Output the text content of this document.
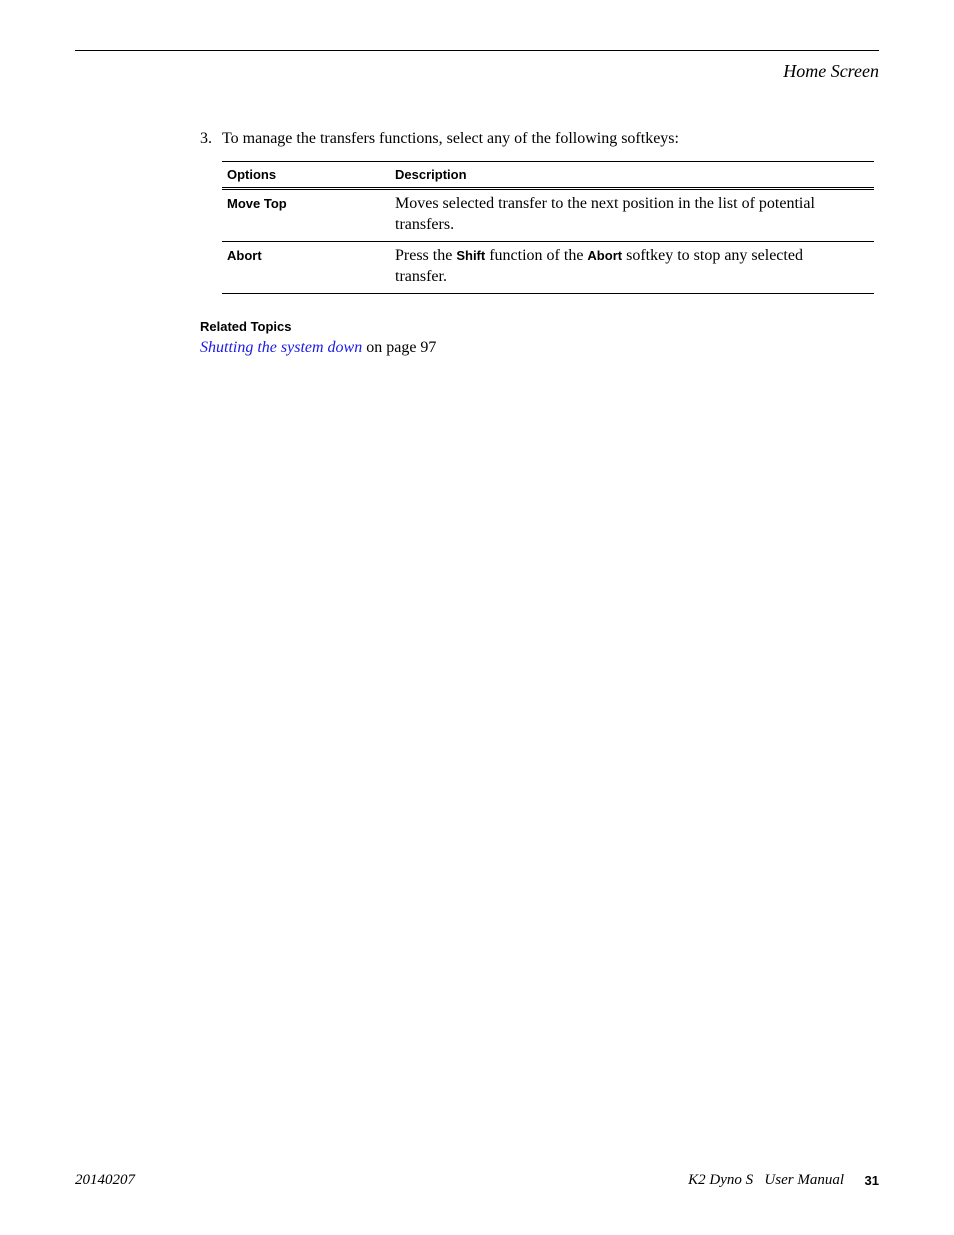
Home Screen
3. To manage the transfers functions, select any of the following softkeys:
Options	Description
Move Top	Moves selected transfer to the next position in the list of potential transfers.
Abort	Press the Shift function of the Abort softkey to stop any selected transfer.
Related Topics
Shutting the system down on page 97
20140207	K2 Dyno S   User Manual 31
